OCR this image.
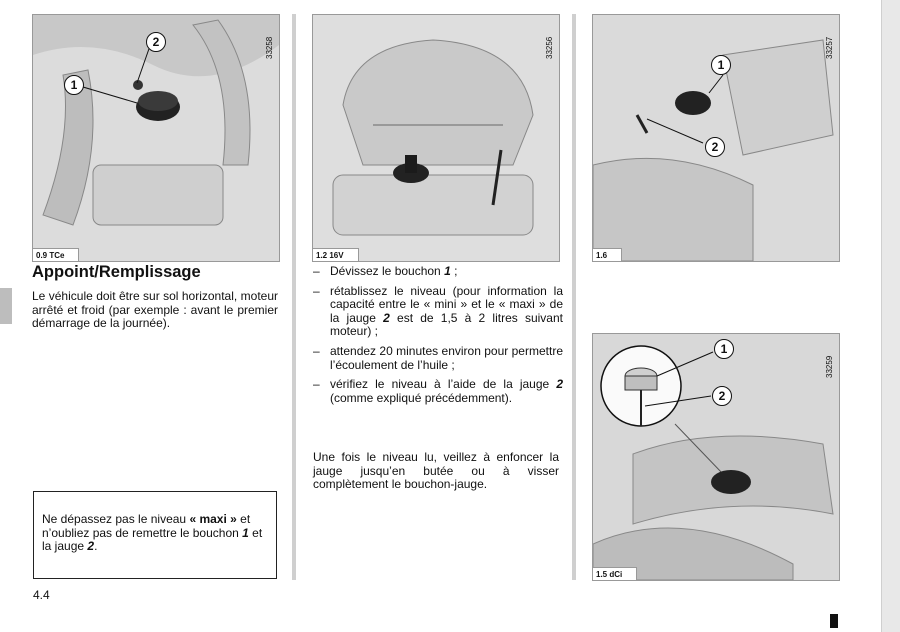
1
2	33258
0.9 TCe
33256
1.2 16V
1
2
33257
1.6
1
2
33259
1.5 dCi
Appoint/Remplissage
Le véhicule doit être sur sol horizontal, moteur arrêté et froid (par exemple : avant le premier démarrage de la journée).
Ne dépassez pas le niveau « maxi » et n’oubliez pas de remettre le bouchon 1 et la jauge 2.
4.4
– Dévissez le bouchon 1 ;
– rétablissez le niveau (pour information la capacité entre le « mini » et le « maxi » de la jauge 2 est de 1,5 à 2 litres suivant moteur) ;
– attendez 20 minutes environ pour permettre l’écoulement de l’huile ;
– vérifiez le niveau à l’aide de la jauge 2 (comme expliqué précédemment).
Une fois le niveau lu, veillez à enfoncer la jauge jusqu’en butée ou à visser complètement le bouchon-jauge.
